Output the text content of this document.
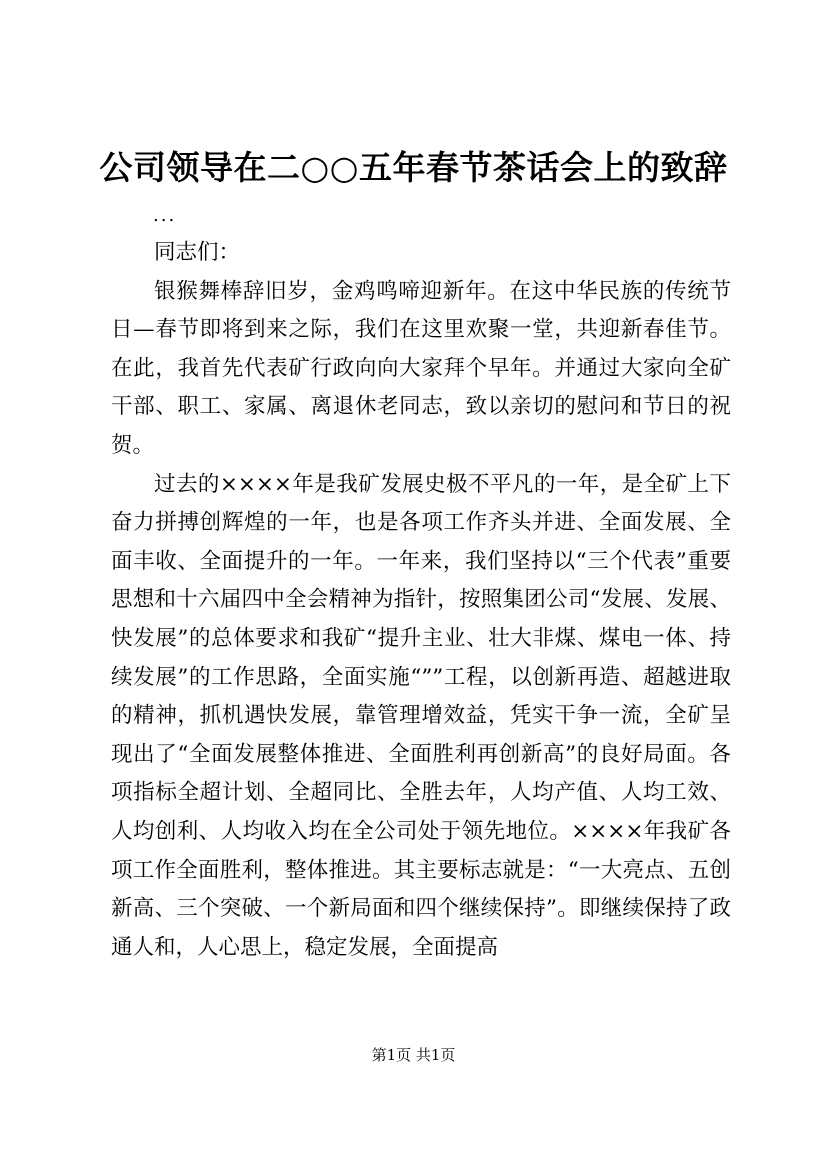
公司领导在二○○五年春节茶话会上的致辞
...

同志们：

银猴舞棒辞旧岁，金鸡鸣啼迎新年。在这中华民族的传统节日—春节即将到来之际，我们在这里欢聚一堂，共迎新春佳节。在此，我首先代表矿行政向向大家拜个早年。并通过大家向全矿干部、职工、家属、离退休老同志，致以亲切的慰问和节日的祝贺。

过去的××××年是我矿发展史极不平凡的一年，是全矿上下奋力拼搏创辉煌的一年，也是各项工作齐头并进、全面发展、全面丰收、全面提升的一年。一年来，我们坚持以“三个代表”重要思想和十六届四中全会精神为指针，按照集团公司“发展、发展、快发展”的总体要求和我矿“提升主业、壮大非煤、煤电一体、持续发展”的工作思路，全面实施“””工程，以创新再造、超越进取的精神，抓机遇快发展，靠管理增效益，凭实干争一流，全矿呈现出了“全面发展整体推进、全面胜利再创新高”的良好局面。各项指标全超计划、全超同比、全胜去年，人均产值、人均工效、人均创利、人均收入均在全公司处于领先地位。××××年我矿各项工作全面胜利，整体推进。其主要标志就是：“一大亮点、五创新高、三个突破、一个新局面和四个继续保持”。即继续保持了政通人和，人心思上，稳定发展，全面提高

第1页 共1页
